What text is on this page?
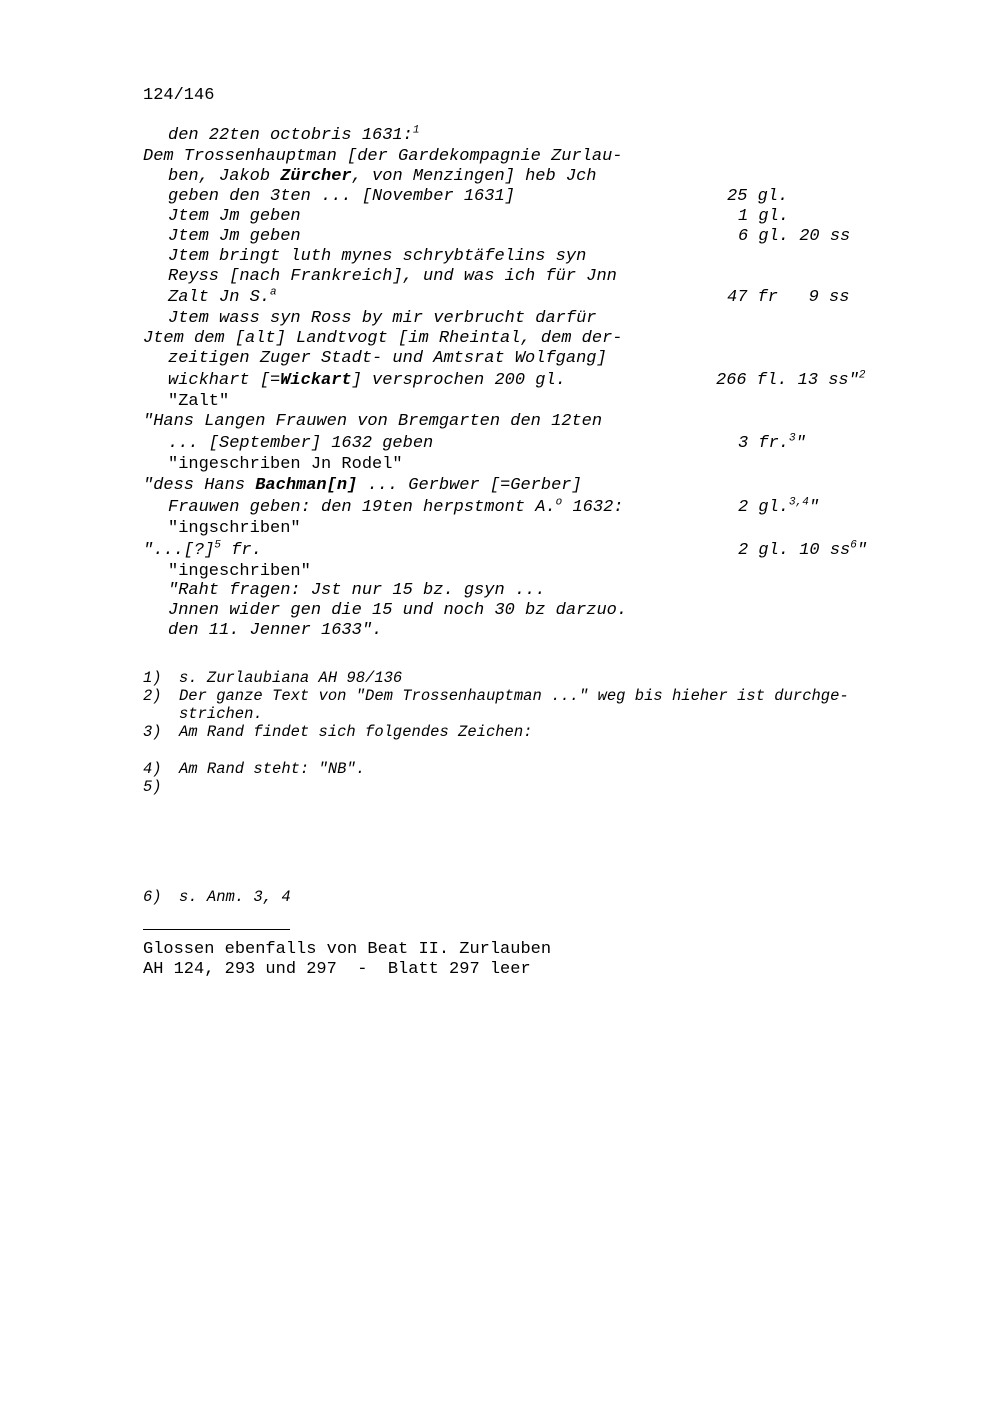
124/146
den 22ten octobris 1631:$^1$
Dem Trossenhauptman [der Gardekompagnie Zurlau-
ben, Jakob Zürcher, von Menzingen] heb Jch
geben den 3ten ... [November 1631]	25 gl.
Jtem Jm geben	1 gl.
Jtem Jm geben	6 gl. 20 ss
Jtem bringt luth mynes schrybtäfelins syn
Reyss [nach Frankreich], und was ich für Jnn
Zalt Jn S.$^a$	47 fr   9 ss
Jtem wass syn Ross by mir verbrucht darfür
Jtem dem [alt] Landtvogt [im Rheintal, dem der-
zeitigen Zuger Stadt- und Amtsrat Wolfgang]
wickhart [=Wickart] versprochen 200 gl.	266 fl. 13 ss"$^2$
"Zalt"
"Hans Langen Frauwen von Bremgarten den 12ten
... [September] 1632 geben	3 fr.$^3$"
"ingeschriben Jn Rodel"
"dess Hans Bachman[n] ... Gerbwer [=Gerber]
Frauwen geben: den 19ten herpstmont A.$^o$ 1632:	2 gl.$^{3,4}$"
"ingschriben"
"...[?]$^5$ fr.	2 gl. 10 $ss^6$"
"ingeschriben"
"Raht fragen: Jst nur 15 bz. gsyn ...
Jnnen wider gen die 15 und noch 30 bz darzuo.
den 11. Jenner 1633".
1) s. Zurlaubiana AH 98/136
2) Der ganze Text von "Dem Trossenhauptman ..." weg bis hieher ist durchge-
strichen.
3) Am Rand findet sich folgendes Zeichen:
4) Am Rand steht: "NB".
5)
6) s. Anm. 3, 4
Glossen ebenfalls von Beat II. Zurlauben
AH 124, 293 und 297  -  Blatt 297 leer
